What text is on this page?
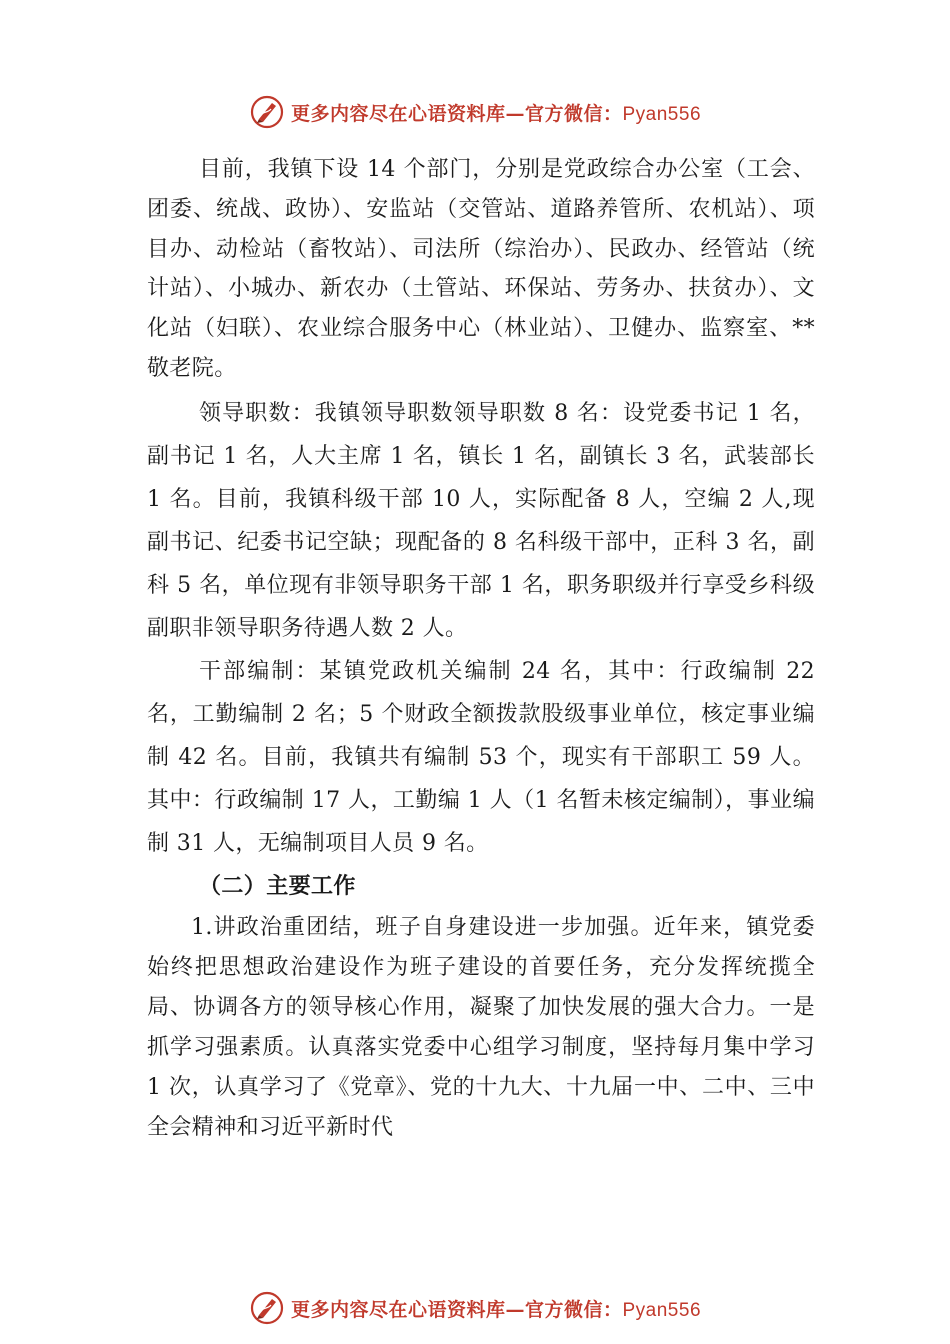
更多内容尽在心语资料库—官方微信：Pyan556

目前，我镇下设 14 个部门，分别是党政综合办公室（工会、团委、统战、政协）、安监站（交管站、道路养管所、农机站）、项目办、动检站（畜牧站）、司法所（综治办）、民政办、经管站（统计站）、小城办、新农办（土管站、环保站、劳务办、扶贫办）、文化站（妇联）、农业综合服务中心（林业站）、卫健办、监察室、**敬老院。

领导职数：我镇领导职数领导职数 8 名：设党委书记 1 名，副书记 1 名，人大主席 1 名，镇长 1 名，副镇长 3 名，武装部长 1 名。目前，我镇科级干部 10 人，实际配备 8 人，空编 2 人,现副书记、纪委书记空缺；现配备的 8 名科级干部中，正科 3 名，副科 5 名，单位现有非领导职务干部 1 名，职务职级并行享受乡科级副职非领导职务待遇人数 2 人。

干部编制：某镇党政机关编制 24 名，其中：行政编制 22 名，工勤编制 2 名；5 个财政全额拨款股级事业单位，核定事业编制 42 名。目前，我镇共有编制 53 个，现实有干部职工 59 人。其中：行政编制 17 人，工勤编 1 人（1 名暂未核定编制），事业编制 31 人，无编制项目人员 9 名。

（二）主要工作

1.讲政治重团结，班子自身建设进一步加强。近年来，镇党委始终把思想政治建设作为班子建设的首要任务，充分发挥统揽全局、协调各方的领导核心作用，凝聚了加快发展的强大合力。一是抓学习强素质。认真落实党委中心组学习制度，坚持每月集中学习 1 次，认真学习了《党章》、党的十九大、十九届一中、二中、三中全会精神和习近平新时代

更多内容尽在心语资料库—官方微信：Pyan556
